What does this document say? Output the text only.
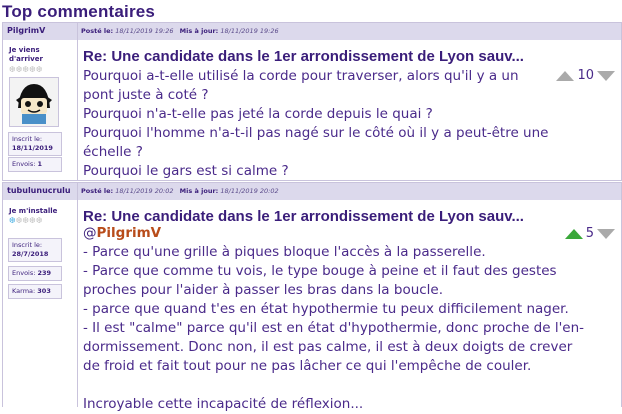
Top commentaires
PilgrimV	Posté le: 18/11/2019 19:26 Mis à jour: 18/11/2019 19:26
Je viens
d'arriver
❆❆❆❆❆
Inscrit le:
18/11/2019
Envois: 1
Re: Une candidate dans le 1er arrondissement de Lyon sauv...
10

Pourquoi a-t-elle utilisé la corde pour traverser, alors qu'il y a un

pont juste à coté ?

Pourquoi n'a-t-elle pas jeté la corde depuis le quai ?

Pourquoi l'homme n'a-t-il pas nagé sur le côté où il y a peut-être une

échelle ?

Pourquoi le gars est si calme ?

tubulunucrulu Posté le: 18/11/2019 20:02 Mis à jour: 18/11/2019 20:02
Je m'installe
❆❆❆❆❆
Inscrit le:
28/7/2018
Envois: 239
Karma: 303
Re: Une candidate dans le 1er arrondissement de Lyon sauv...
5

@PilgrimV

- Parce qu'une grille à piques bloque l'accès à la passerelle.

- Parce que comme tu vois, le type bouge à peine et il faut des gestes

proches pour l'aider à passer les bras dans la boucle.

- parce que quand t'es en état hypothermie tu peux difficilement nager.

- Il est "calme" parce qu'il est en état d'hypothermie, donc proche de l'en-

dormissement. Donc non, il est pas calme, il est à deux doigts de crever

de froid et fait tout pour ne pas lâcher ce qui l'empêche de couler.

Incroyable cette incapacité de réflexion...
